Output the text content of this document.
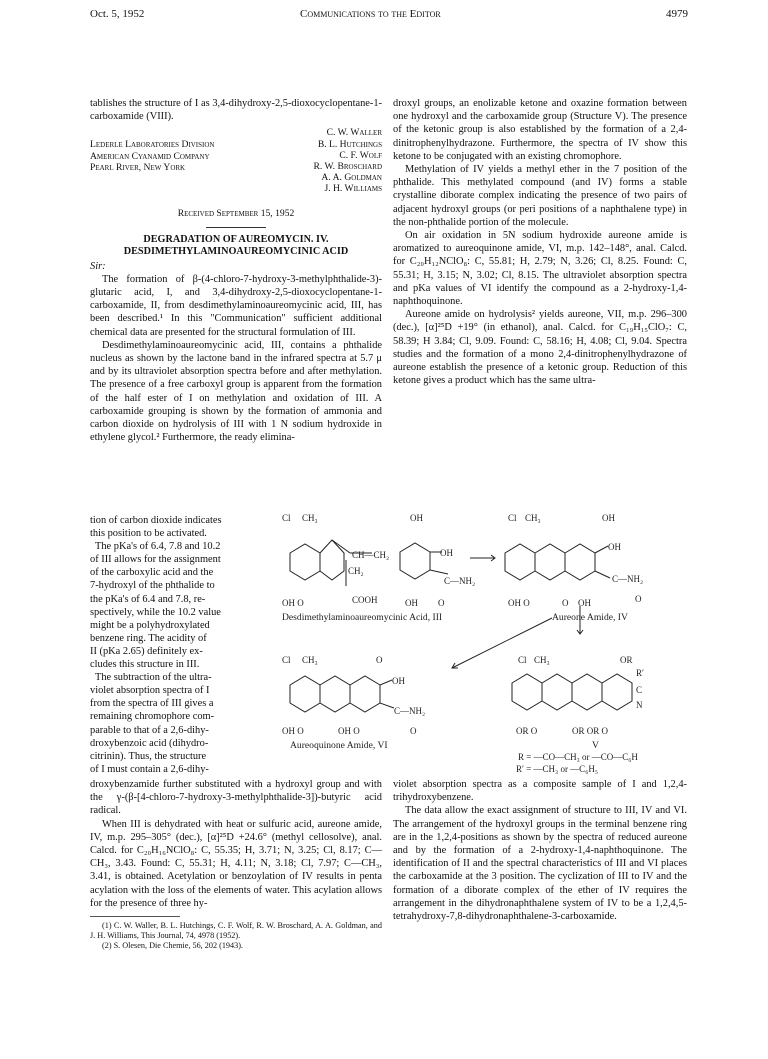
Oct. 5, 1952	Communications to the Editor	4979

tablishes the structure of I as 3,4-dihydroxy-2,5-dioxocyclopentane-1-carboxamide (VIII).

Lederle Laboratories Division
American Cyanamid Company
Pearl River, New York
C. W. Waller
B. L. Hutchings
C. F. Wolf
R. W. Broschard
A. A. Goldman
J. H. Williams
Received September 15, 1952
DEGRADATION OF AUREOMYCIN. IV.
DESDIMETHYLAMINOAUREOMYCINIC ACID

Sir:

The formation of β-(4-chloro-7-hydroxy-3-methylphthalide-3)-glutaric acid, I, and 3,4-dihydroxy-2,5-dioxocyclopentane-1-carboxamide, II, from desdimethylaminoaureomycinic acid, III, has been described.¹ In this "Communication" sufficient additional chemical data are presented for the structural formulation of III.

Desdimethylaminoaureomycinic acid, III, contains a phthalide nucleus as shown by the lactone band in the infrared spectra at 5.7 μ and by its ultraviolet absorption spectra before and after methylation. The presence of a free carboxyl group is apparent from the formation of the half ester of I on methylation and oxidation of III. A carboxamide grouping is shown by the formation of ammonia and carbon dioxide on hydrolysis of III with 1 N sodium hydroxide in ethylene glycol.² Furthermore, the ready elimina-

tion of carbon dioxide indicates
this position to be activated.
The pKa's of 6.4, 7.8 and 10.2
of III allows for the assignment
of the carboxylic acid and the
7-hydroxyl of the phthalide to
the pKa's of 6.4 and 7.8, re-
spectively, while the 10.2 value
might be a polyhydroxylated
benzene ring. The acidity of
II (pKa 2.65) definitely ex-
cludes this structure in III.
The subtraction of the ultra-
violet absorption spectra of I
from the spectra of III gives a
remaining chromophore com-
parable to that of a 2,6-dihy-
droxybenzoic acid (dihydro-
citrinin). Thus, the structure
of I must contain a 2,6-dihy-

droxybenzamide further substituted with a hydroxyl group and with the γ-(β-[4-chloro-7-hydroxy-3-methylphthalide-3])-butyric acid radical.

When III is dehydrated with heat or sulfuric acid, aureone amide, IV, m.p. 295–305° (dec.), [α]²⁵D +24.6° (methyl cellosolve), anal. Calcd. for C₂₀H₁₆NClO₈: C, 55.35; H, 3.71; N, 3.25; Cl, 8.17; C—CH₃, 3.43. Found: C, 55.31; H, 4.11; N, 3.18; Cl, 7.97; C—CH₃, 3.41, is obtained. Acetylation or benzoylation of IV results in penta acylation with the loss of the elements of water. This acylation allows for the presence of three hy-

(1) C. W. Waller, B. L. Hutchings, C. F. Wolf, R. W. Broschard, A. A. Goldman, and J. H. Williams, This Journal, 74, 4978 (1952).

(2) S. Olesen, Die Chemie, 56, 202 (1943).

droxyl groups, an enolizable ketone and oxazine formation between one hydroxyl and the carboxamide group (Structure V). The presence of the ketonic group is also established by the formation of a 2,4-dinitrophenylhydrazone. Furthermore, the spectra of IV show this ketone to be conjugated with an existing chromophore.

Methylation of IV yields a methyl ether in the 7 position of the phthalide. This methylated compound (and IV) forms a stable crystalline diborate complex indicating the presence of two pairs of adjacent hydroxyl groups (or peri positions of a naphthalene type) in the non-phthalide portion of the molecule.

On air oxidation in 5N sodium hydroxide aureone amide is aromatized to aureoquinone amide, VI, m.p. 142–148°, anal. Calcd. for C₂₀H₁₂NClO₈: C, 55.81; H, 2.79; N, 3.26; Cl, 8.25. Found: C, 55.31; H, 3.15; N, 3.02; Cl, 8.15. The ultraviolet absorption spectra and pKa values of VI identify the compound as a 2-hydroxy-1,4-naphthoquinone.

Aureone amide on hydrolysis² yields aureone, VII, m.p. 296–300 (dec.), [α]²⁵D +19° (in ethanol), anal. Calcd. for C₁₉H₁₅ClO₇: C, 58.39; H 3.84; Cl, 9.09. Found: C, 58.16; H, 4.08; Cl, 9.04. Spectra studies and the formation of a mono 2,4-dinitrophenylhydrazone of aureone establish the presence of a ketonic group. Reduction of this ketone gives a product which has the same ultra-

violet absorption spectra as a composite sample of I and 1,2,4-trihydroxybenzene.

The data allow the exact assignment of structure to III, IV and VI. The arrangement of the hydroxyl groups in the terminal benzene ring are in the 1,2,4-positions as shown by the spectra of reduced aureone and by the formation of a 2-hydroxy-1,4-naphthoquinone. The identification of II and the spectral characteristics of III and VI places the carboxamide at the 3 position. The cyclization of III to IV and the formation of a diborate complex of the ether of IV requires the arrangement in the dihydronaphthalene system of IV to be a 1,2,4,5-tetrahydroxy-7,8-dihydronaphthalene-3-carboxamide.

Cl CH₃	OH
CH—CH₂	OH
C—NH₂
CH₂
COOH	O
OH O	OH
Cl CH₃	OH
OH
C—NH₂
O
OH O	O OH
Cl CH₃	O
OH
C—NH₂
O
OH O	OH O
Cl CH₃	OR
R′
C
N
OR O	OR OR O
Desdimethylaminoaureomycinic Acid, III	Aureone Amide, IV
Aureoquinone Amide, VI	V
R = —CO—CH₃ or —CO—C₆H
R′ = —CH₃ or —C₆H₅
